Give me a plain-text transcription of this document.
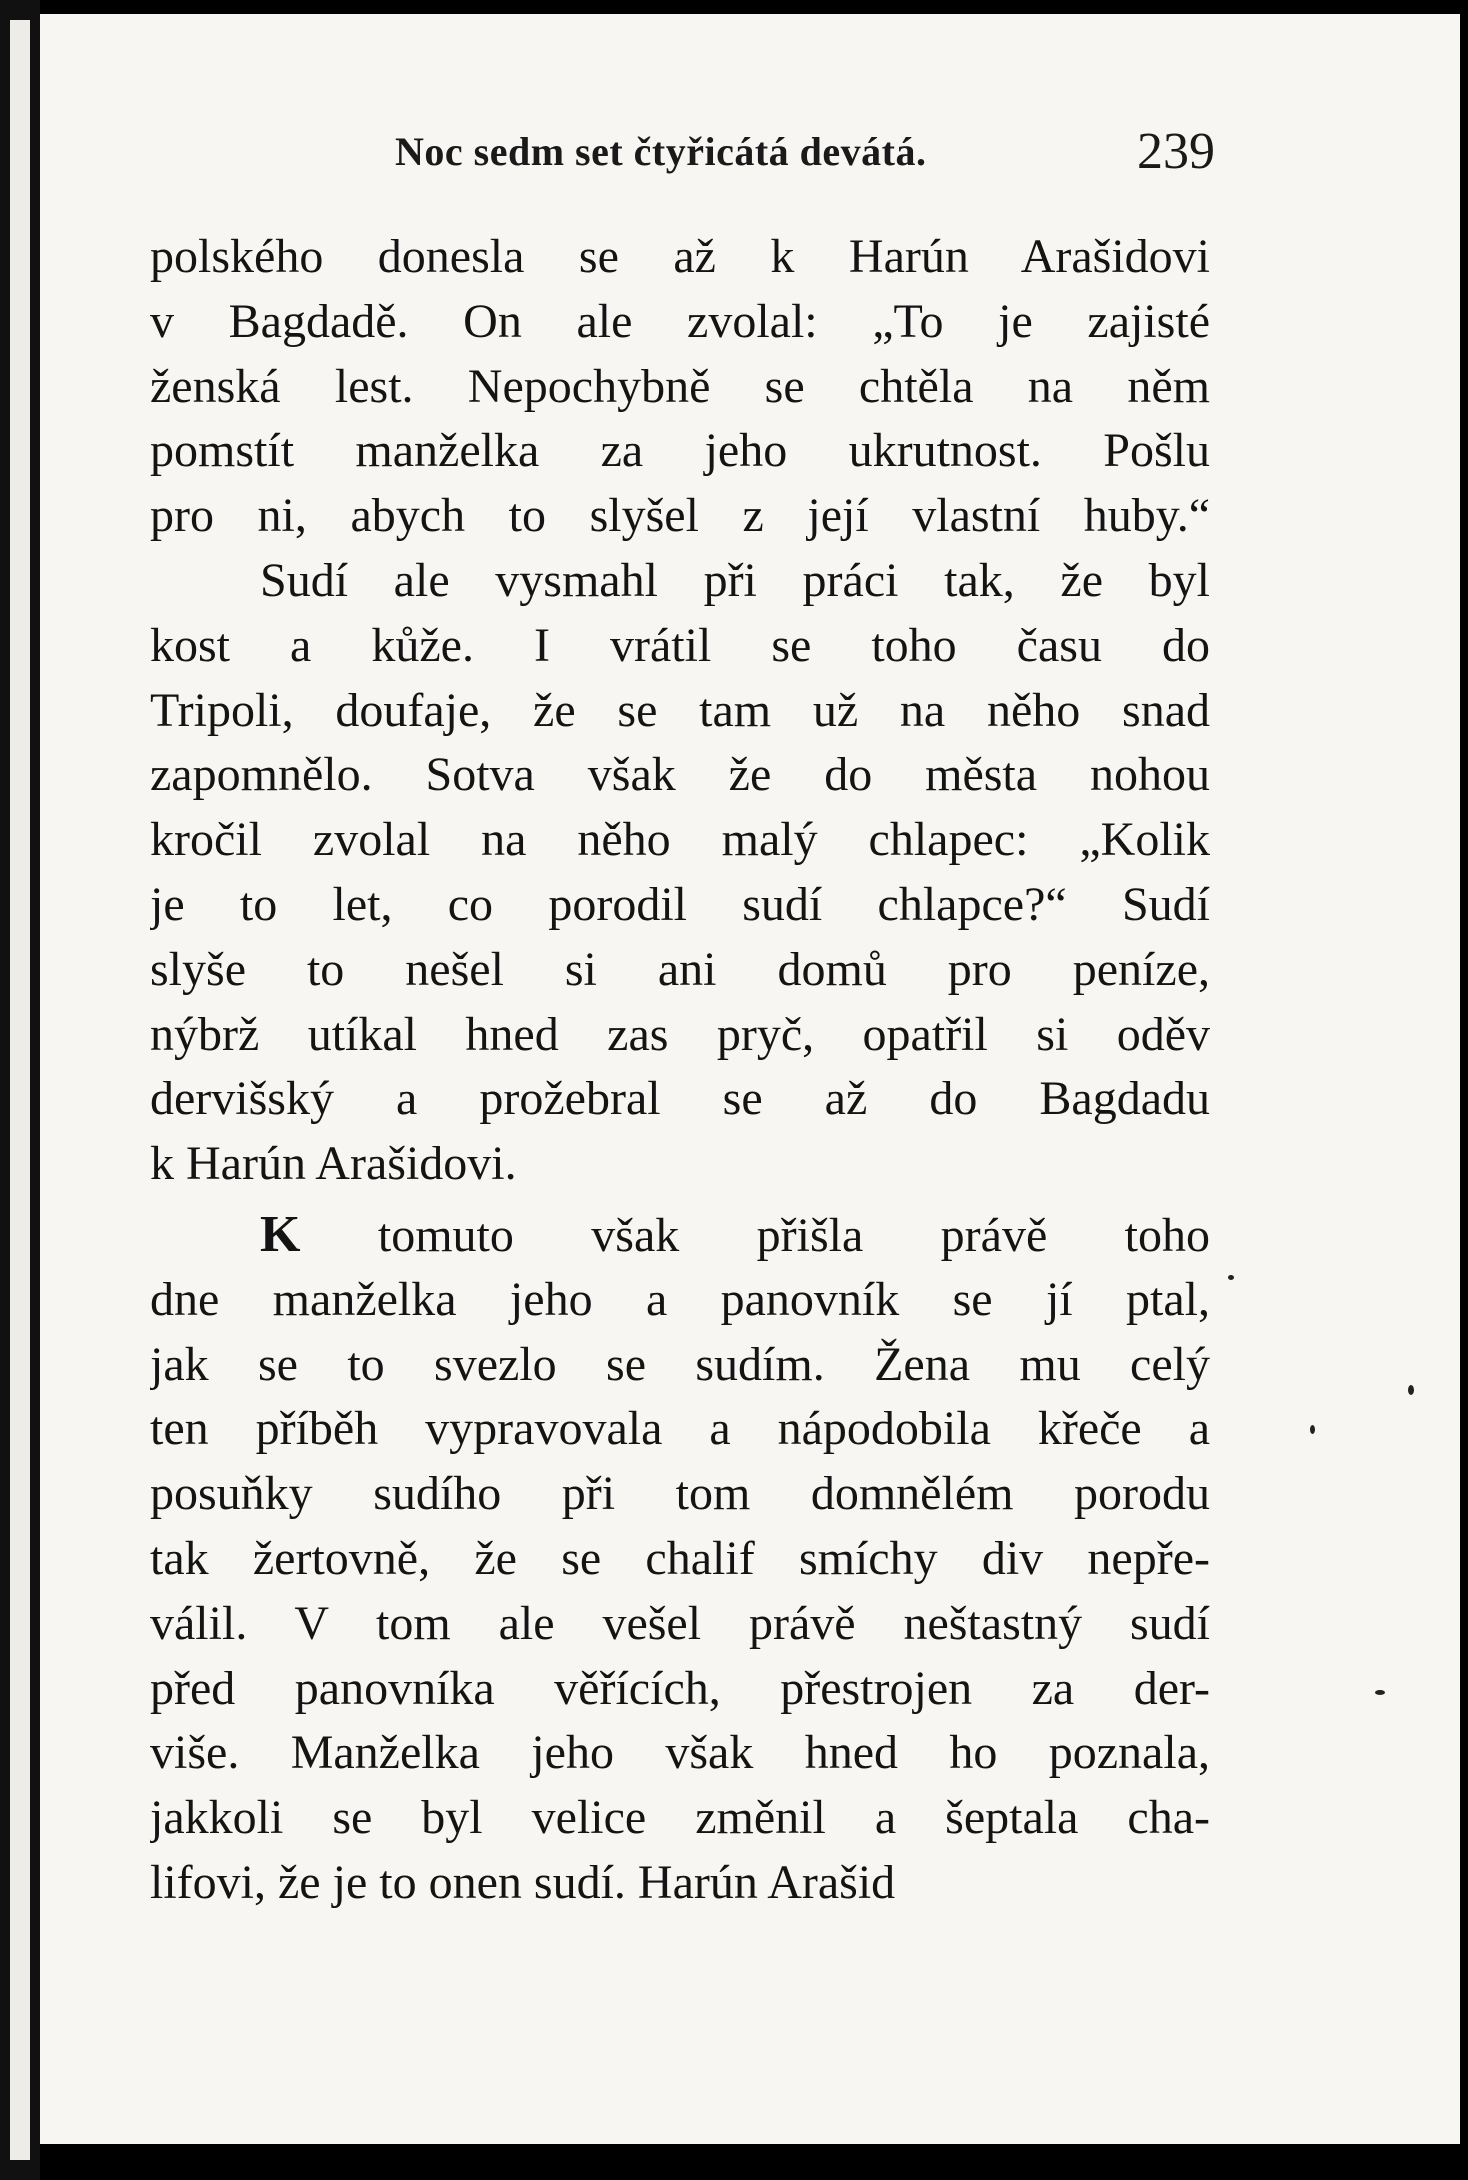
Noc sedm set čtyřicátá devátá.	239
polského donesla se až k Harún Arašidovi
v Bagdadě. On ale zvolal: „To je zajisté
ženská lest. Nepochybně se chtěla na něm
pomstít manželka za jeho ukrutnost. Pošlu
pro ni, abych to slyšel z její vlastní huby.“
Sudí ale vysmahl při práci tak, že byl
kost a kůže. I vrátil se toho času do
Tripoli, doufaje, že se tam už na něho snad
zapomnělo. Sotva však že do města nohou
kročil zvolal na něho malý chlapec: „Kolik
je to let, co porodil sudí chlapce?“ Sudí
slyše to nešel si ani domů pro peníze,
nýbrž utíkal hned zas pryč, opatřil si oděv
dervišský a prožebral se až do Bagdadu
k Harún Arašidovi.
K tomuto však přišla právě toho
dne manželka jeho a panovník se jí ptal,
jak se to svezlo se sudím. Žena mu celý
ten příběh vypravovala a nápodobila křeče a
posuňky sudího při tom domnělém porodu
tak žertovně, že se chalif smíchy div nepře-
válil. V tom ale vešel právě neštastný sudí
před panovníka věřících, přestrojen za der-
više. Manželka jeho však hned ho poznala,
jakkoli se byl velice změnil a šeptala cha-
lifovi, že je to onen sudí. Harún Arašid
